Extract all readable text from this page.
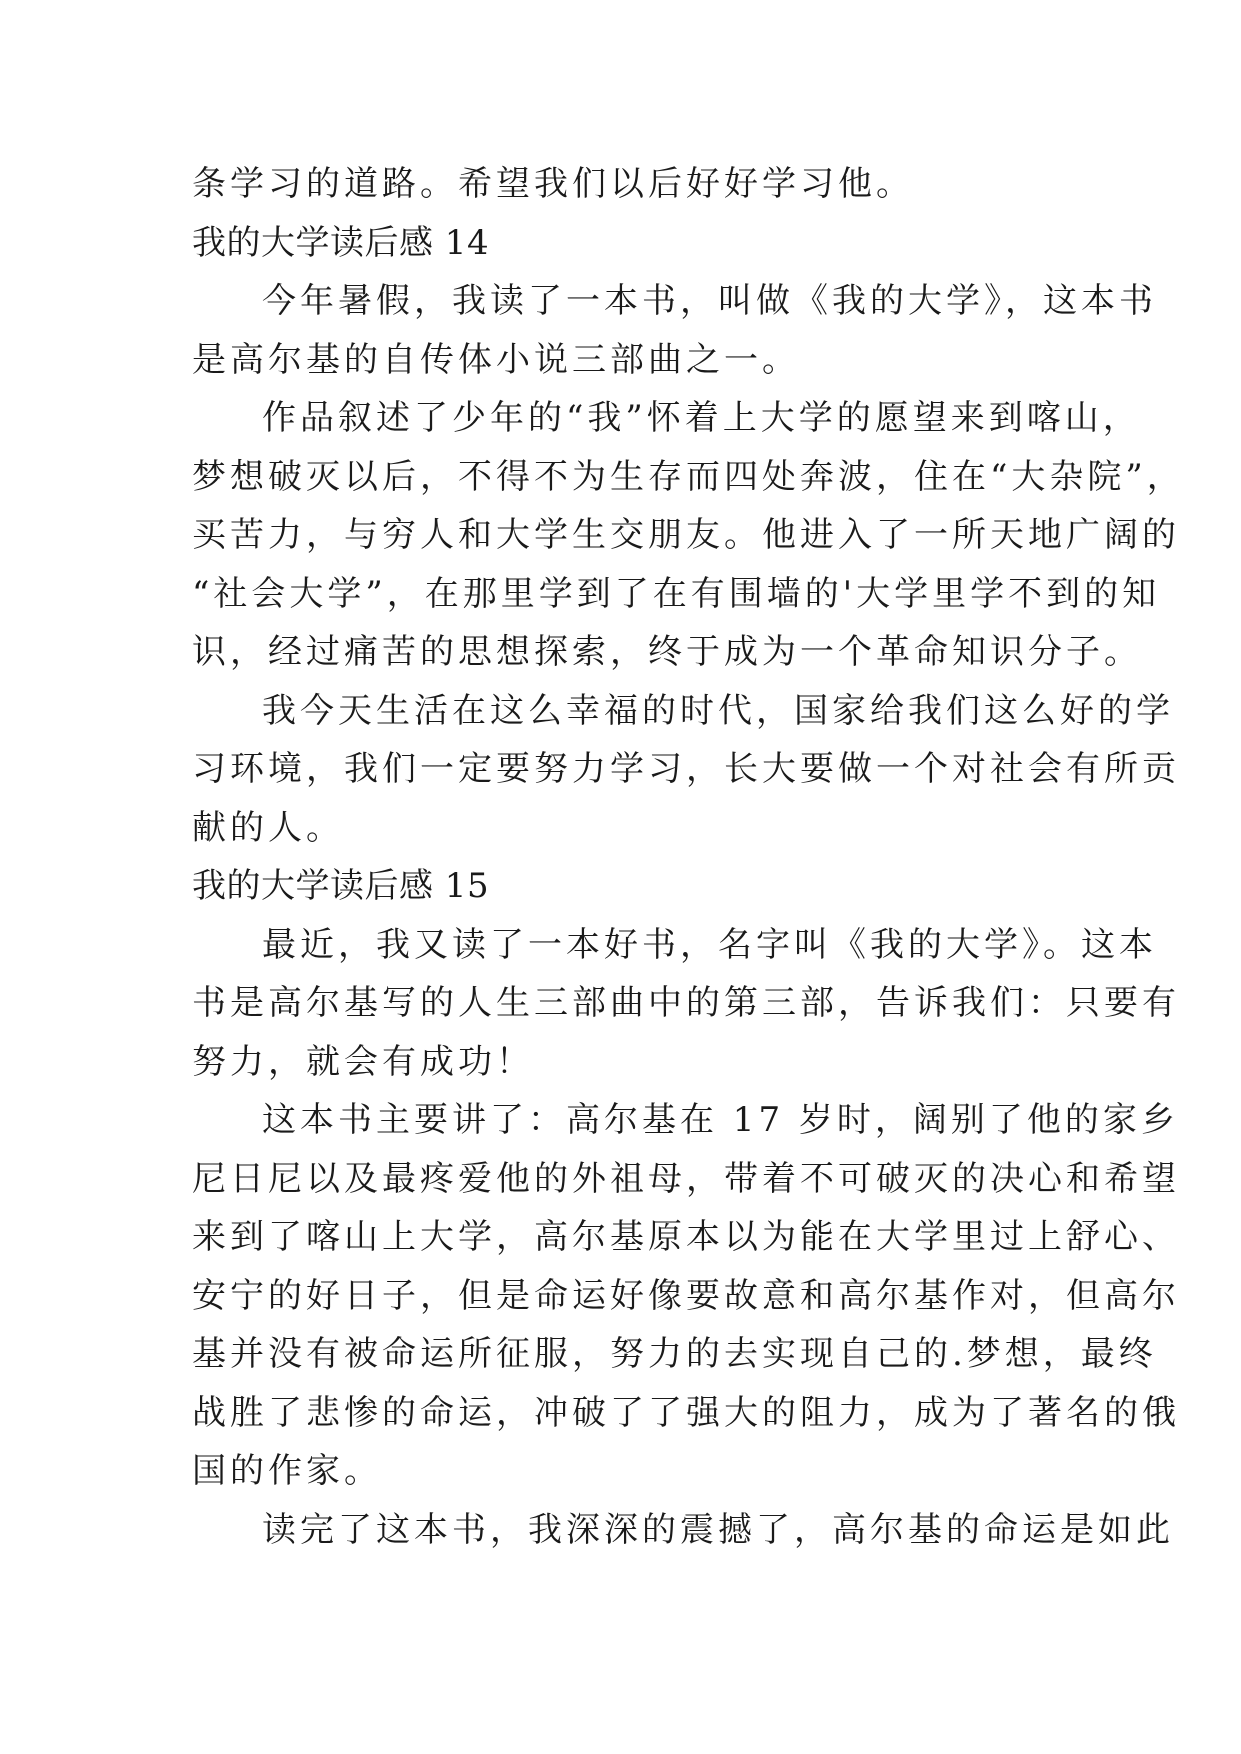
条学习的道路。希望我们以后好好学习他。
我的大学读后感 14
今年暑假，我读了一本书，叫做《我的大学》，这本书
是高尔基的自传体小说三部曲之一。
作品叙述了少年的“我”怀着上大学的愿望来到喀山，
梦想破灭以后，不得不为生存而四处奔波，住在“大杂院”，
买苦力，与穷人和大学生交朋友。他进入了一所天地广阔的
“社会大学”，在那里学到了在有围墙的'大学里学不到的知
识，经过痛苦的思想探索，终于成为一个革命知识分子。
我今天生活在这么幸福的时代，国家给我们这么好的学
习环境，我们一定要努力学习，长大要做一个对社会有所贡
献的人。
我的大学读后感 15
最近，我又读了一本好书，名字叫《我的大学》。这本
书是高尔基写的人生三部曲中的第三部，告诉我们：只要有
努力，就会有成功！
这本书主要讲了：高尔基在 17 岁时，阔别了他的家乡
尼日尼以及最疼爱他的外祖母，带着不可破灭的决心和希望
来到了喀山上大学，高尔基原本以为能在大学里过上舒心、
安宁的好日子，但是命运好像要故意和高尔基作对，但高尔
基并没有被命运所征服，努力的去实现自己的.梦想，最终
战胜了悲惨的命运，冲破了了强大的阻力，成为了著名的俄
国的作家。
读完了这本书，我深深的震撼了，高尔基的命运是如此
